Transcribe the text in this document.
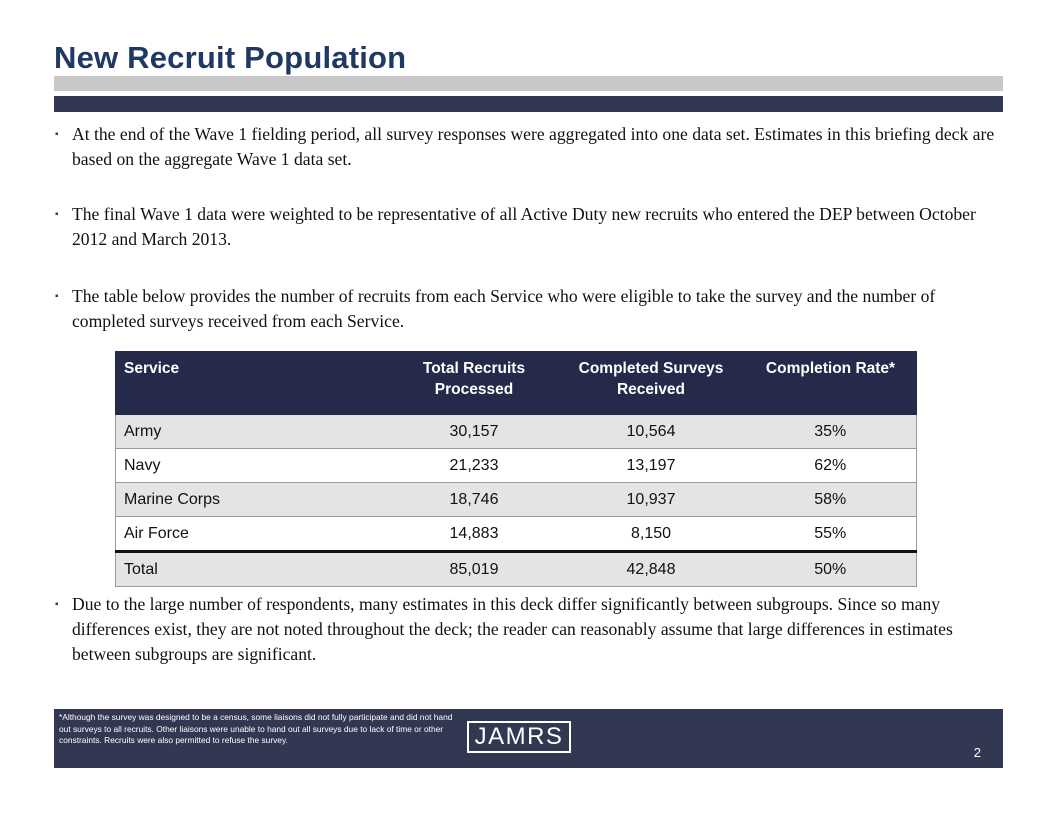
New Recruit Population
▪ At the end of the Wave 1 fielding period, all survey responses were aggregated into one data set. Estimates in this briefing deck are based on the aggregate Wave 1 data set.
▪ The final Wave 1 data were weighted to be representative of all Active Duty new recruits who entered the DEP between October 2012 and March 2013.
▪ The table below provides the number of recruits from each Service who were eligible to take the survey and the number of completed surveys received from each Service.
Service	Total Recruits Processed	Completed Surveys Received	Completion Rate*
Army	30,157	10,564	35%
Navy	21,233	13,197	62%
Marine Corps	18,746	10,937	58%
Air Force	14,883	8,150	55%
Total	85,019	42,848	50%
▪ Due to the large number of respondents, many estimates in this deck differ significantly between subgroups. Since so many differences exist, they are not noted throughout the deck; the reader can reasonably assume that large differences in estimates between subgroups are significant.
*Although the survey was designed to be a census, some liaisons did not fully participate and did not hand out surveys to all recruits. Other liaisons were unable to hand out all surveys due to lack of time or other constraints. Recruits were also permitted to refuse the survey.	JAMRS
2
